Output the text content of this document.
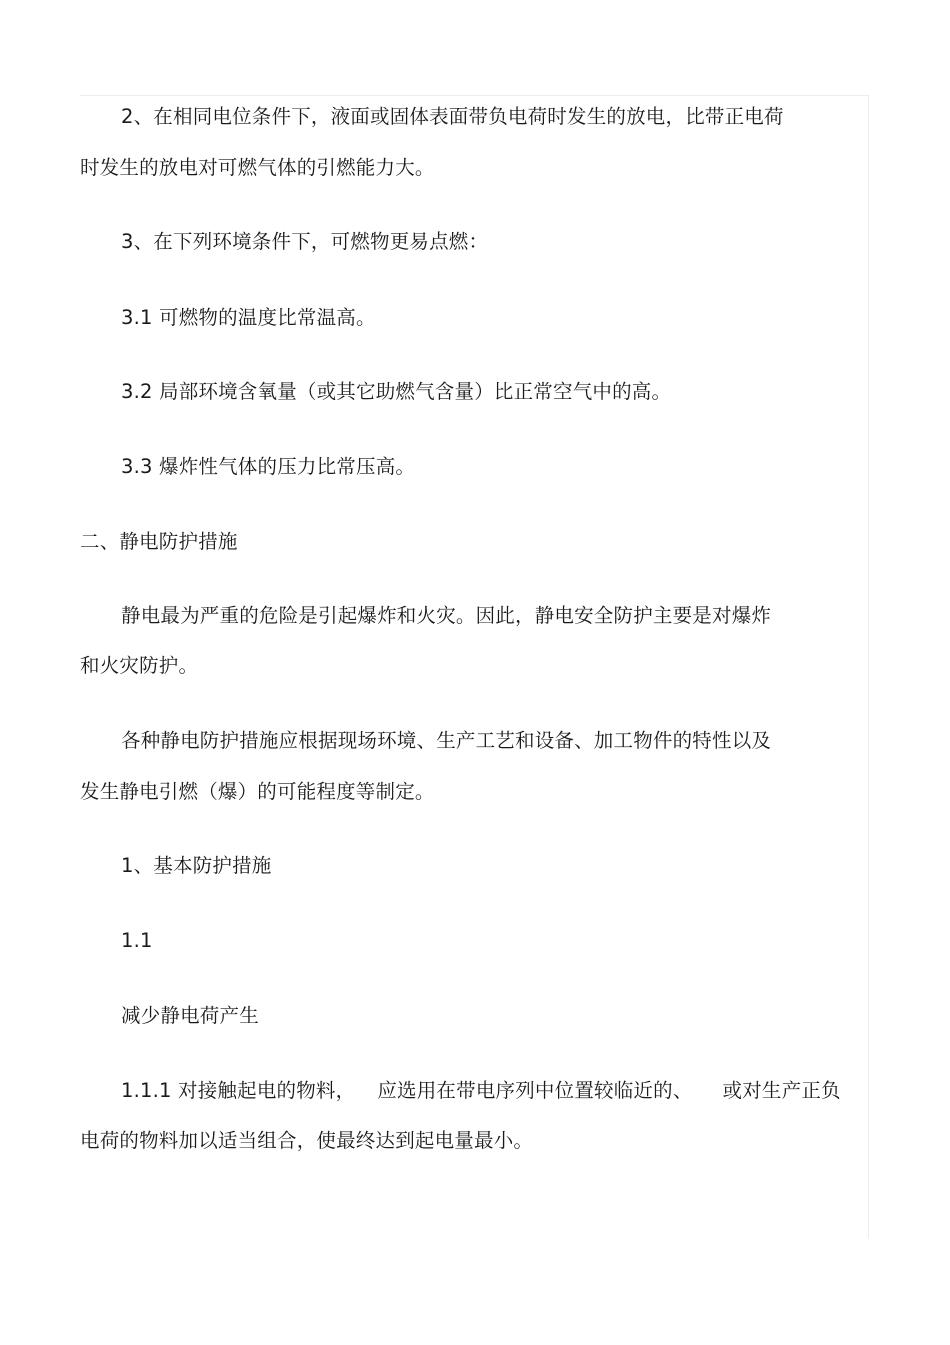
2、在相同电位条件下，液面或固体表面带负电荷时发生的放电，比带正电荷
时发生的放电对可燃气体的引燃能力大。
3、在下列环境条件下，可燃物更易点燃：
3.1 可燃物的温度比常温高。
3.2 局部环境含氧量（或其它助燃气含量）比正常空气中的高。
3.3 爆炸性气体的压力比常压高。
二、静电防护措施
静电最为严重的危险是引起爆炸和火灾。因此，静电安全防护主要是对爆炸
和火灾防护。
各种静电防护措施应根据现场环境、生产工艺和设备、加工物件的特性以及
发生静电引燃（爆）的可能程度等制定。
1、基本防护措施
1.1
减少静电荷产生
1.1.1 对接触起电的物料， 应选用在带电序列中位置较临近的、 或对生产正负
电荷的物料加以适当组合，使最终达到起电量最小。
